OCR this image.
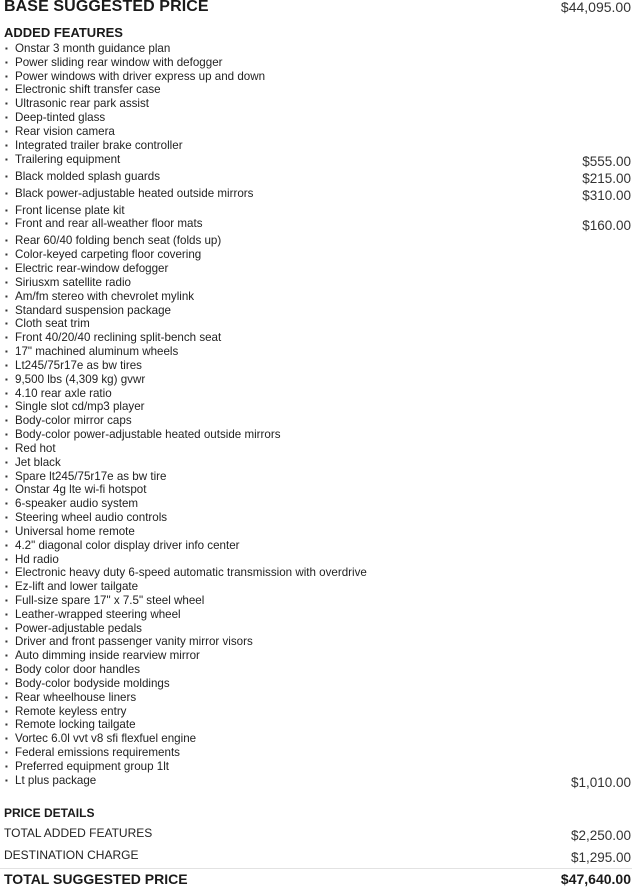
BASE SUGGESTED PRICE	$44,095.00
ADDED FEATURES
▪ Onstar 3 month guidance plan
▪ Power sliding rear window with defogger
▪ Power windows with driver express up and down
▪ Electronic shift transfer case
▪ Ultrasonic rear park assist
▪ Deep-tinted glass
▪ Rear vision camera
▪ Integrated trailer brake controller
▪ Trailering equipment	$555.00
▪ Black molded splash guards	$215.00
▪ Black power-adjustable heated outside mirrors	$310.00
▪ Front license plate kit
▪ Front and rear all-weather floor mats	$160.00
▪ Rear 60/40 folding bench seat (folds up)
▪ Color-keyed carpeting floor covering
▪ Electric rear-window defogger
▪ Siriusxm satellite radio
▪ Am/fm stereo with chevrolet mylink
▪ Standard suspension package
▪ Cloth seat trim
▪ Front 40/20/40 reclining split-bench seat
▪ 17" machined aluminum wheels
▪ Lt245/75r17e as bw tires
▪ 9,500 lbs (4,309 kg) gvwr
▪ 4.10 rear axle ratio
▪ Single slot cd/mp3 player
▪ Body-color mirror caps
▪ Body-color power-adjustable heated outside mirrors
▪ Red hot
▪ Jet black
▪ Spare lt245/75r17e as bw tire
▪ Onstar 4g lte wi-fi hotspot
▪ 6-speaker audio system
▪ Steering wheel audio controls
▪ Universal home remote
▪ 4.2" diagonal color display driver info center
▪ Hd radio
▪ Electronic heavy duty 6-speed automatic transmission with overdrive
▪ Ez-lift and lower tailgate
▪ Full-size spare 17" x 7.5" steel wheel
▪ Leather-wrapped steering wheel
▪ Power-adjustable pedals
▪ Driver and front passenger vanity mirror visors
▪ Auto dimming inside rearview mirror
▪ Body color door handles
▪ Body-color bodyside moldings
▪ Rear wheelhouse liners
▪ Remote keyless entry
▪ Remote locking tailgate
▪ Vortec 6.0l vvt v8 sfi flexfuel engine
▪ Federal emissions requirements
▪ Preferred equipment group 1lt
▪ Lt plus package	$1,010.00
PRICE DETAILS
TOTAL ADDED FEATURES	$2,250.00
DESTINATION CHARGE	$1,295.00
TOTAL SUGGESTED PRICE	$47,640.00
